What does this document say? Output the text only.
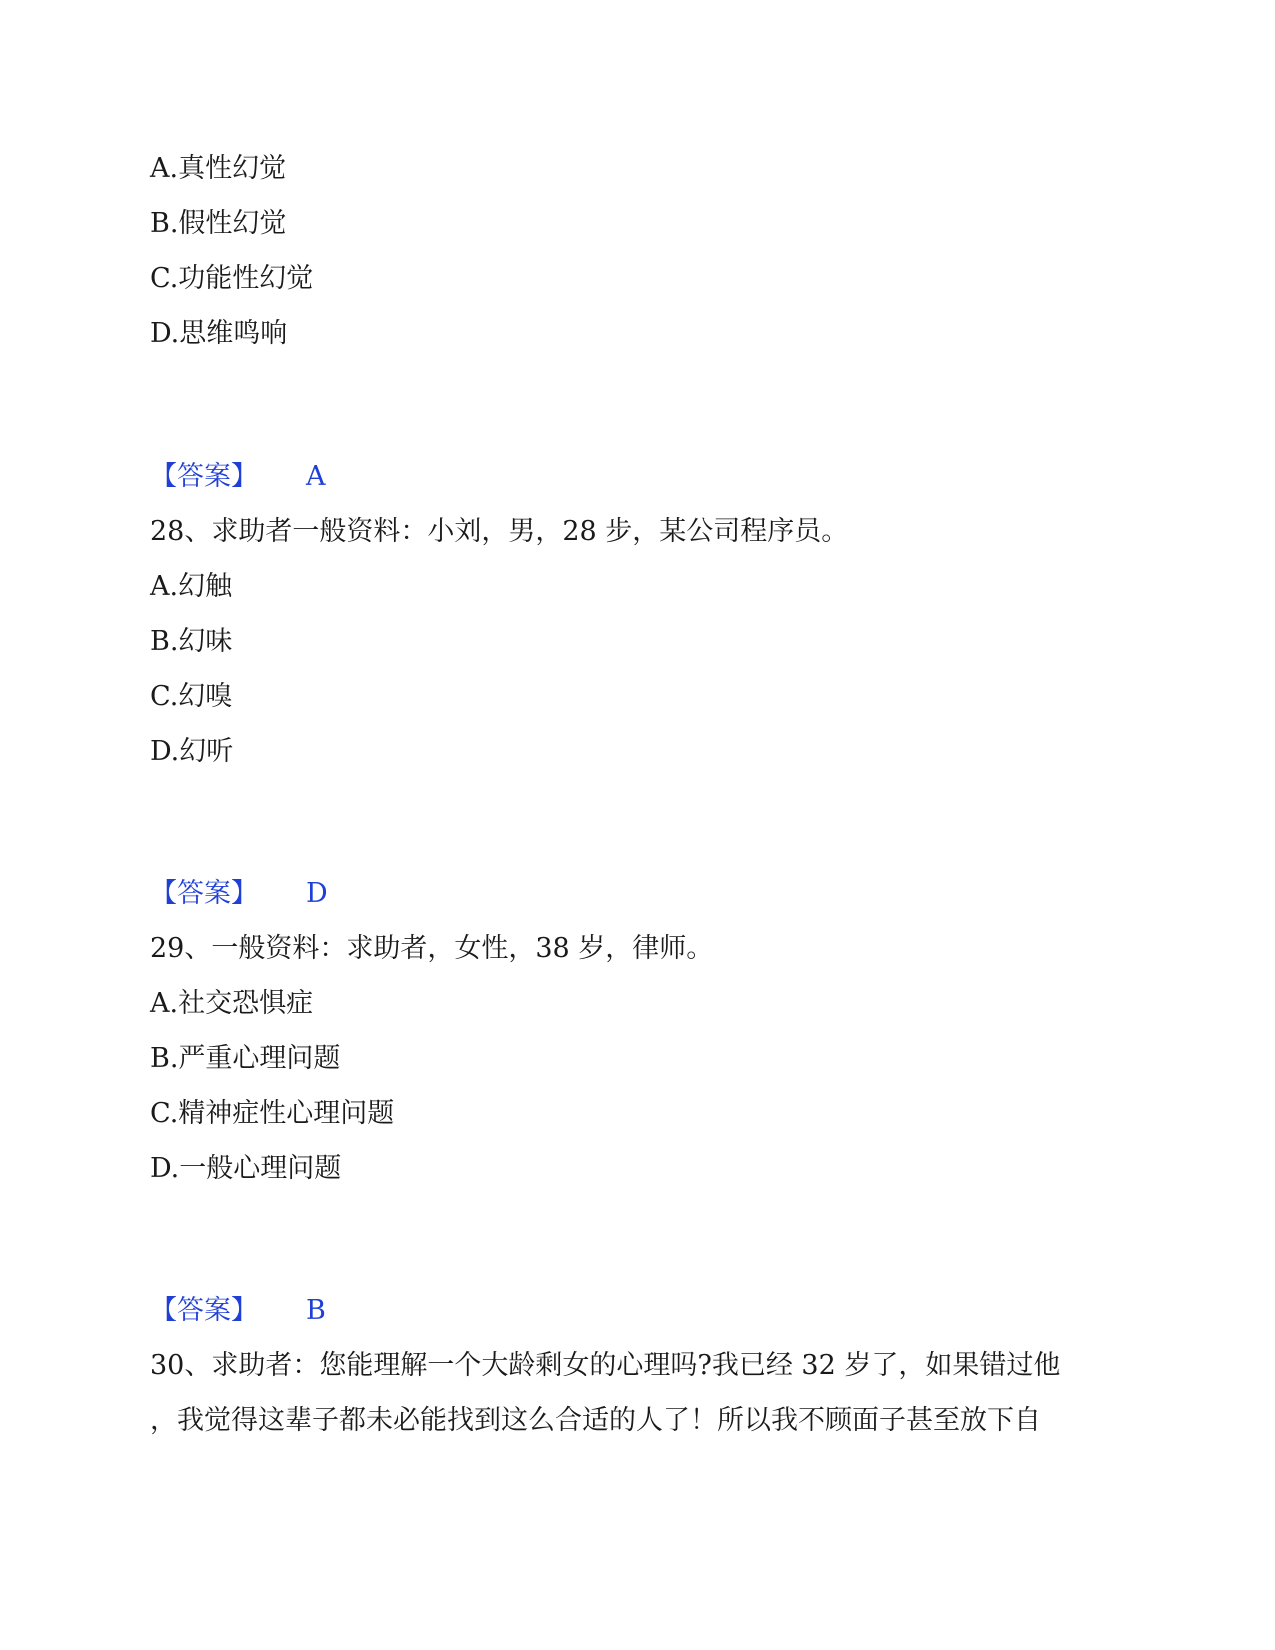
A.真性幻觉
B.假性幻觉
C.功能性幻觉
D.思维鸣响
【答案】 A
28、求助者一般资料：小刘，男，28 步，某公司程序员。
A.幻触
B.幻味
C.幻嗅
D.幻听
【答案】 D
29、一般资料：求助者，女性，38 岁，律师。
A.社交恐惧症
B.严重心理问题
C.精神症性心理问题
D.一般心理问题
【答案】 B
30、求助者：您能理解一个大龄剩女的心理吗?我已经 32 岁了，如果错过他
，我觉得这辈子都未必能找到这么合适的人了！所以我不顾面子甚至放下自
